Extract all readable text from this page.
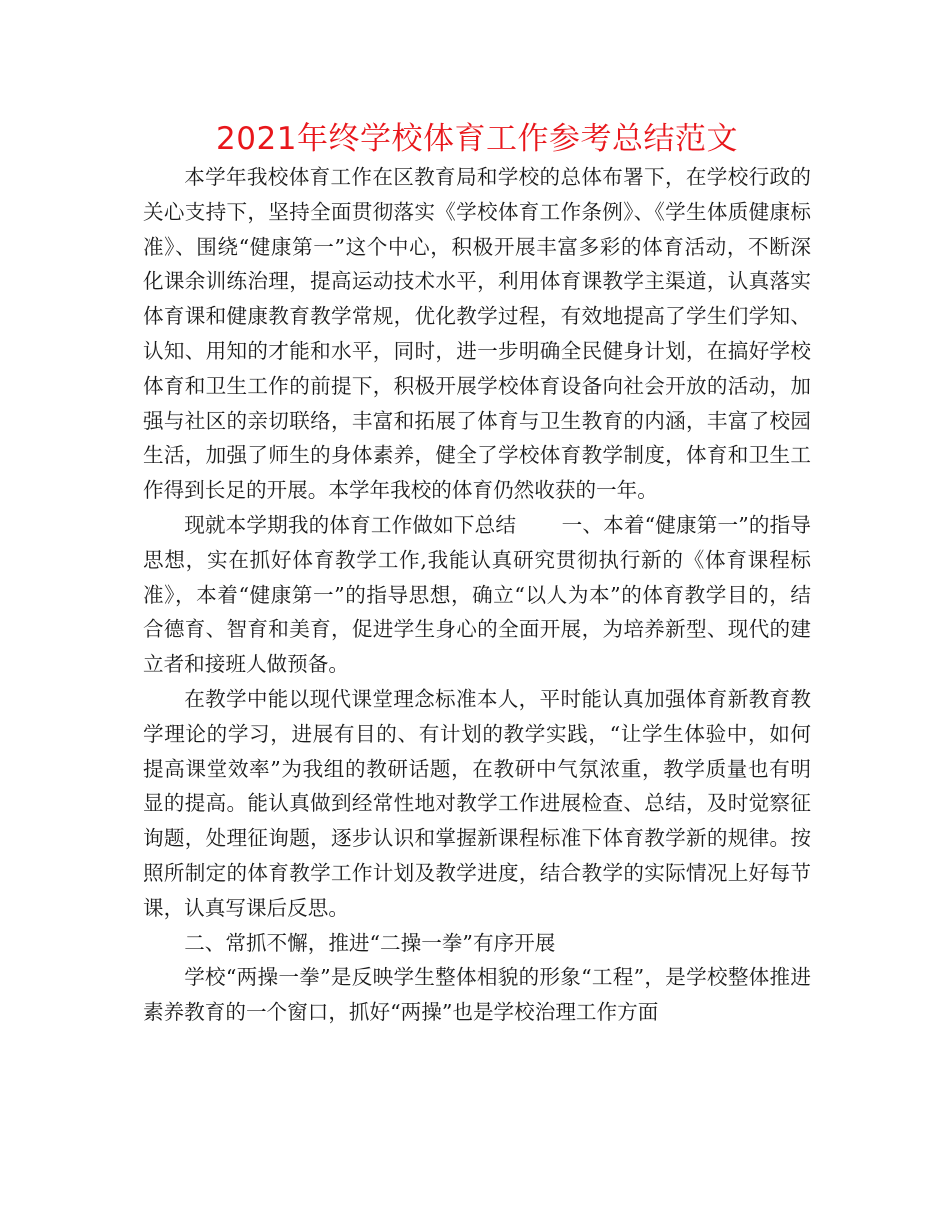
2021年终学校体育工作参考总结范文

本学年我校体育工作在区教育局和学校的总体布署下，在学校行政的关心支持下，坚持全面贯彻落实《学校体育工作条例》、《学生体质健康标准》、围绕“健康第一”这个中心，积极开展丰富多彩的体育活动，不断深化课余训练治理，提高运动技术水平，利用体育课教学主渠道，认真落实体育课和健康教育教学常规，优化教学过程，有效地提高了学生们学知、认知、用知的才能和水平，同时，进一步明确全民健身计划，在搞好学校体育和卫生工作的前提下，积极开展学校体育设备向社会开放的活动，加强与社区的亲切联络，丰富和拓展了体育与卫生教育的内涵，丰富了校园生活，加强了师生的身体素养，健全了学校体育教学制度，体育和卫生工作得到长足的开展。本学年我校的体育仍然收获的一年。

现就本学期我的体育工作做如下总结 一、本着“健康第一”的指导思想，实在抓好体育教学工作,我能认真研究贯彻执行新的《体育课程标准》，本着“健康第一”的指导思想，确立“以人为本”的体育教学目的，结合德育、智育和美育，促进学生身心的全面开展，为培养新型、现代的建立者和接班人做预备。

在教学中能以现代课堂理念标准本人，平时能认真加强体育新教育教学理论的学习，进展有目的、有计划的教学实践，“让学生体验中，如何提高课堂效率”为我组的教研话题，在教研中气氛浓重，教学质量也有明显的提高。能认真做到经常性地对教学工作进展检查、总结，及时觉察征询题，处理征询题，逐步认识和掌握新课程标准下体育教学新的规律。按照所制定的体育教学工作计划及教学进度，结合教学的实际情况上好每节课，认真写课后反思。

二、常抓不懈，推进“二操一拳”有序开展

学校“两操一拳”是反映学生整体相貌的形象“工程”，是学校整体推进素养教育的一个窗口，抓好“两操”也是学校治理工作方面
